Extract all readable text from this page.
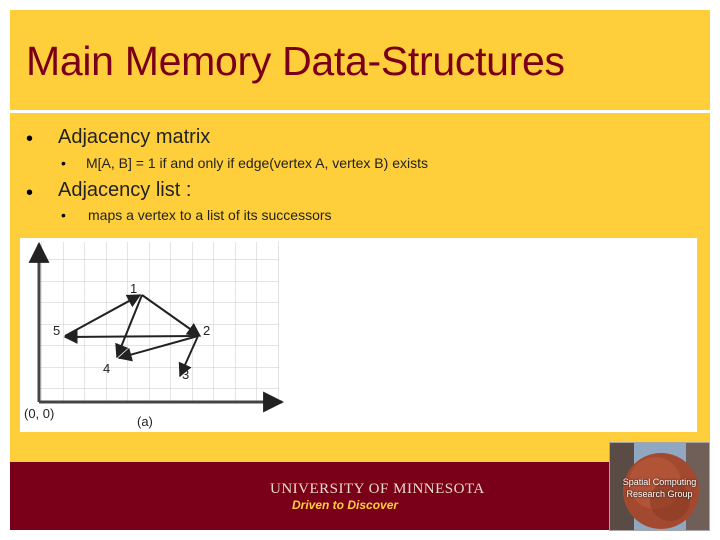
Main Memory Data-Structures
• Adjacency matrix
• M[A, B] = 1 if and only if edge(vertex A, vertex B) exists
• Adjacency list :
• maps a vertex to a list of its successors
1
2
3
4
5
(0, 0)
(a)
UNIVERSITY OF MINNESOTA
Driven to Discover
Spatial Computing
Research Group
